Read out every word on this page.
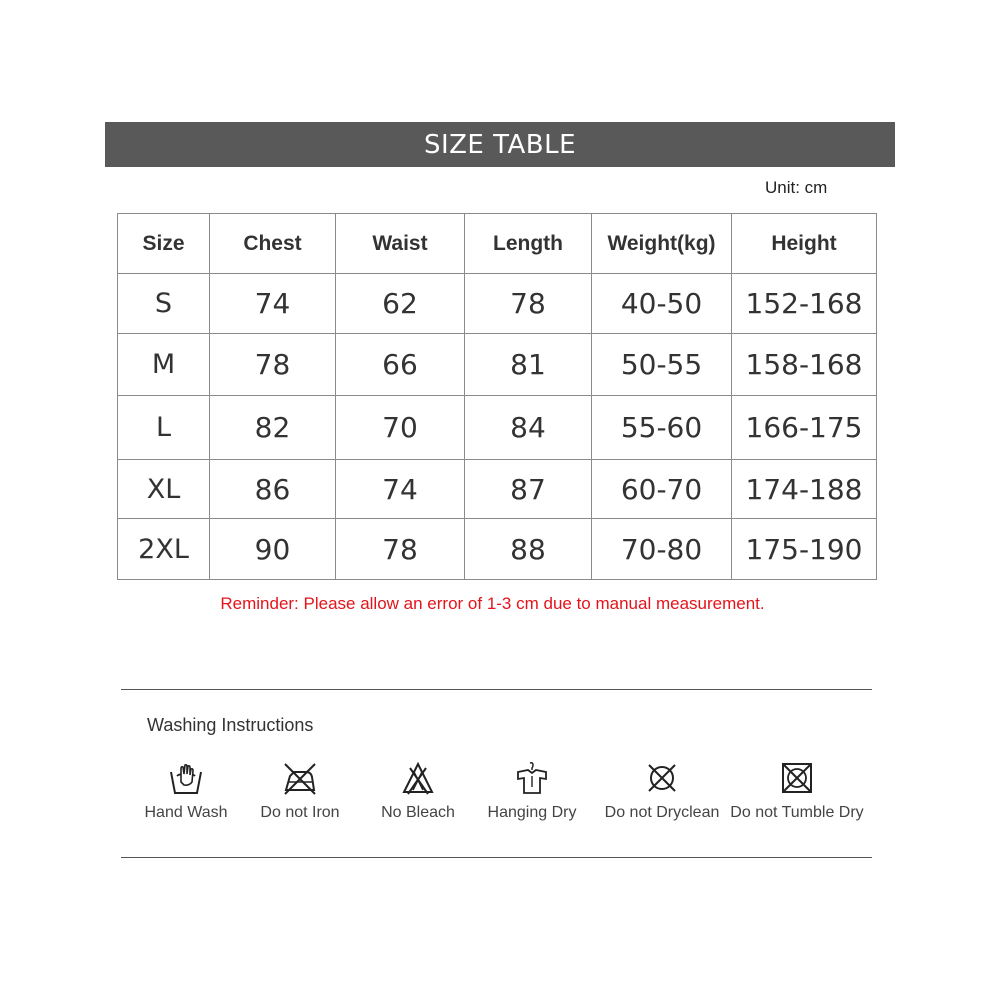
SIZE TABLE
Unit: cm
Size	Chest	Waist	Length	Weight(kg)	Height
S	74	62	78	40-50	152-168
M	78	66	81	50-55	158-168
L	82	70	84	55-60	166-175
XL	86	74	87	60-70	174-188
2XL	90	78	88	70-80	175-190
Reminder: Please allow an error of 1-3 cm due to manual measurement.
Washing Instructions
Hand Wash	Do not Iron	No Bleach	Hanging Dry	Do not Dryclean Do not Tumble Dry
